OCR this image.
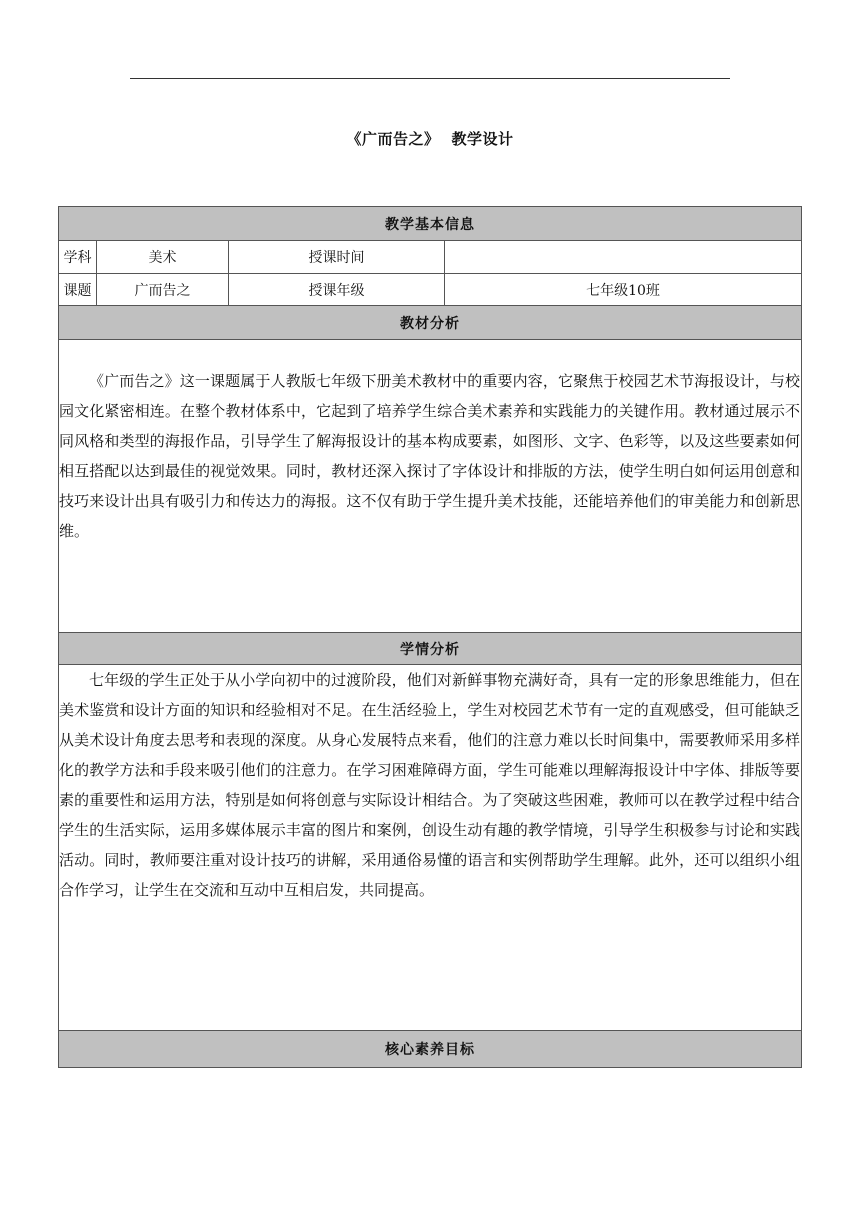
《广而告之》 教学设计
教学基本信息
学科	美术	授课时间
课题	广而告之	授课年级	七年级10班
教材分析

《广而告之》这一课题属于人教版七年级下册美术教材中的重要内容，它聚焦于校园艺术节海报设计，与校园文化紧密相连。在整个教材体系中，它起到了培养学生综合美术素养和实践能力的关键作用。教材通过展示不同风格和类型的海报作品，引导学生了解海报设计的基本构成要素，如图形、文字、色彩等，以及这些要素如何相互搭配以达到最佳的视觉效果。同时，教材还深入探讨了字体设计和排版的方法，使学生明白如何运用创意和技巧来设计出具有吸引力和传达力的海报。这不仅有助于学生提升美术技能，还能培养他们的审美能力和创新思维。

学情分析

七年级的学生正处于从小学向初中的过渡阶段，他们对新鲜事物充满好奇，具有一定的形象思维能力，但在美术鉴赏和设计方面的知识和经验相对不足。在生活经验上，学生对校园艺术节有一定的直观感受，但可能缺乏从美术设计角度去思考和表现的深度。从身心发展特点来看，他们的注意力难以长时间集中，需要教师采用多样化的教学方法和手段来吸引他们的注意力。在学习困难障碍方面，学生可能难以理解海报设计中字体、排版等要素的重要性和运用方法，特别是如何将创意与实际设计相结合。为了突破这些困难，教师可以在教学过程中结合学生的生活实际，运用多媒体展示丰富的图片和案例，创设生动有趣的教学情境，引导学生积极参与讨论和实践活动。同时，教师要注重对设计技巧的讲解，采用通俗易懂的语言和实例帮助学生理解。此外，还可以组织小组合作学习，让学生在交流和互动中互相启发，共同提高。

核心素养目标
